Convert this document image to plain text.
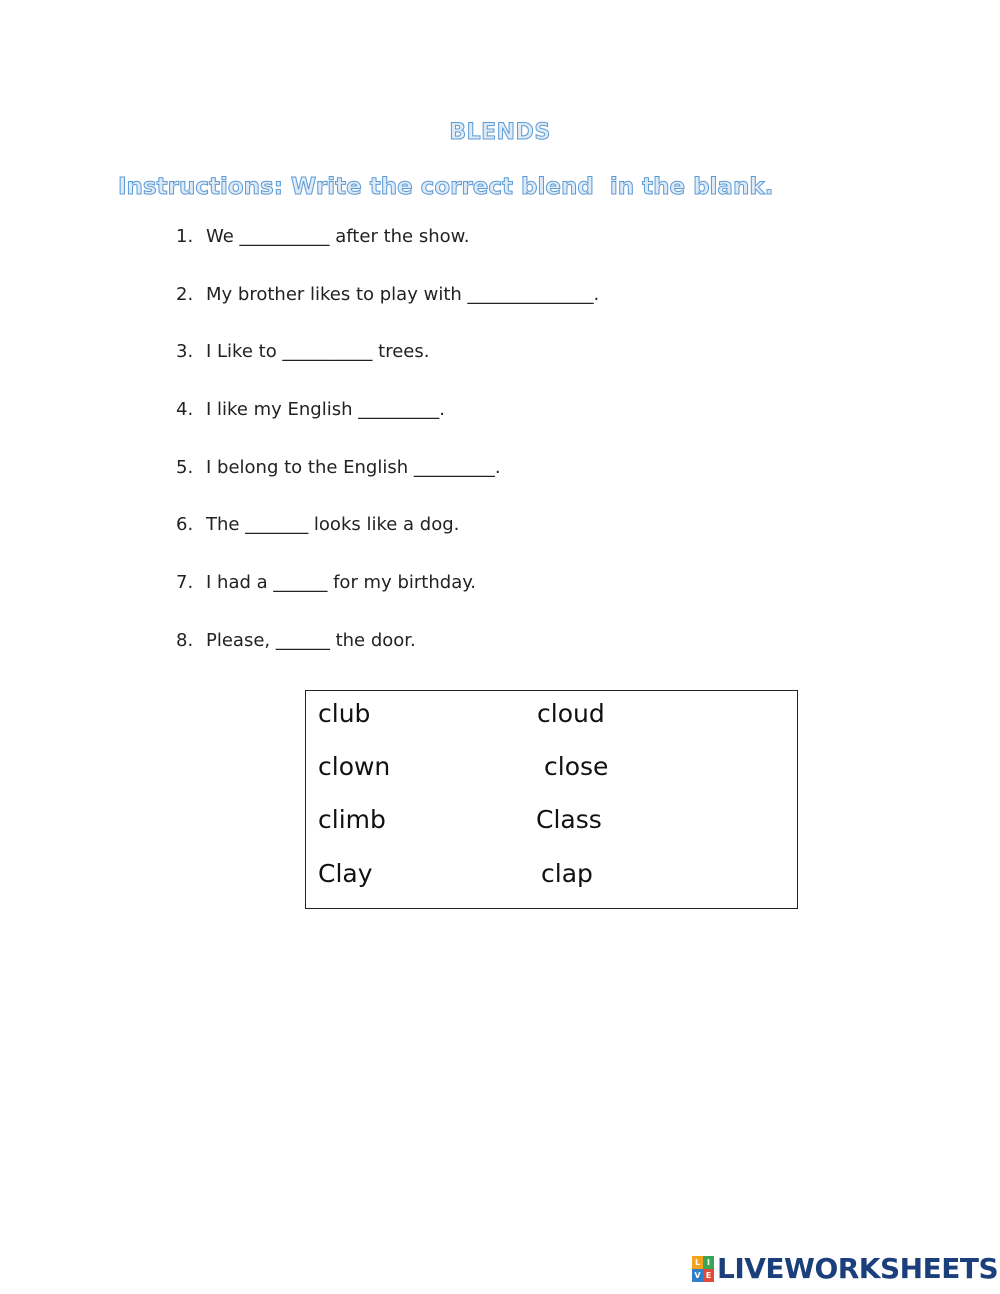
BLENDS
Instructions: Write the correct blend  in the blank.
1. We __________ after the show.
2. My brother likes to play with ______________.
3. I Like to __________ trees.
4. I like my English _________.
5. I belong to the English _________.
6. The _______ looks like a dog.
7. I had a ______ for my birthday.
8. Please, ______ the door.
club
clown
climb
Clay
cloud
close
Class
clap
L I
V E LIVEWORKSHEETS
